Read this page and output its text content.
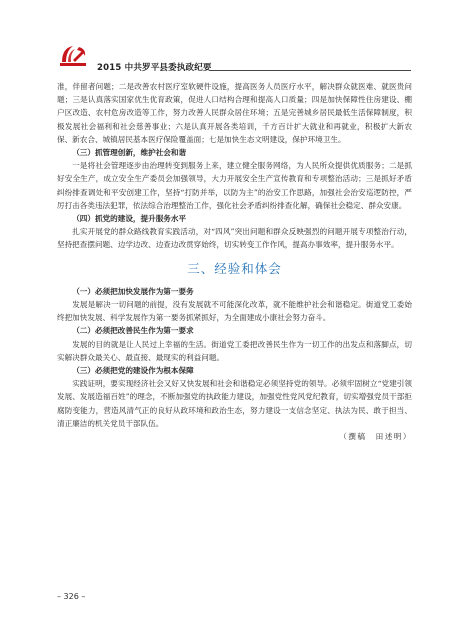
2015 中共罗平县委执政纪要

准，伴留者问题；二是改善农村医疗室软硬件设施，提高医务人员医疗水平，解决群众就医难、就医贵问题；三是认真落实国家优生优育政策，促进人口结构合理和提高人口质量；四是加快保障性住房建设、棚户区改造、农村危房改造等工作，努力改善人民群众居住环境；五是完善城乡居民最低生活保障制度，积极发展社会福利和社会慈善事业；六是认真开展各类培训，千方百计扩大就业和再就业，积极扩大新农保、新农合、城镇居民基本医疗保险覆盖面；七是加快生态文明建设，保护环境卫生。

（三）抓管理创新，维护社会和谐

一是将社会管理逐步由治理转变到服务上来，建立健全服务网络，为人民所众提供优质服务；二是抓好安全生产，成立安全生产委员会加强领导，大力开展安全生产宣传教育和专项整治活动；三是抓好矛盾纠纷排查调处和平安创建工作，坚持“打防并举，以防为主”的治安工作思路，加强社会治安巡逻防控，严厉打击各类违法犯罪，依法综合治理整治工作，强化社会矛盾纠纷排查化解，确保社会稳定、群众安康。

（四）抓党的建设，提升服务水平

扎实开展党的群众路线教育实践活动，对“四风”突出问题和群众反映强烈的问题开展专项整治行动，坚持把查摆问题、边学边改、边查边改贯穿始终，切实转变工作作风，提高办事效率，提升服务水平。

三、经验和体会

（一）必须把加快发展作为第一要务

发展是解决一切问题的前提，没有发展就不可能深化改革，就不能维护社会和谐稳定。街道党工委始终把加快发展、科学发展作为第一要务抓紧抓好，为全面建成小康社会努力奋斗。

（二）必须把改善民生作为第一要求

发展的目的就是让人民过上幸福的生活。街道党工委把改善民生作为一切工作的出发点和落脚点，切实解决群众最关心、最直接、最现实的利益问题。

（三）必须把党的建设作为根本保障

实践证明，要实现经济社会又好又快发展和社会和谐稳定必须坚持党的领导。必须牢固树立“党建引领发展、发展造福百姓”的理念，不断加强党的执政能力建设，加强党性党风党纪教育，切实增强党员干部拒腐防变能力，营造风清气正的良好从政环境和政治生态，努力建设一支信念坚定、执法为民、敢于担当、清正廉洁的机关党员干部队伍。

（撰稿　田述明）

– 326 –
